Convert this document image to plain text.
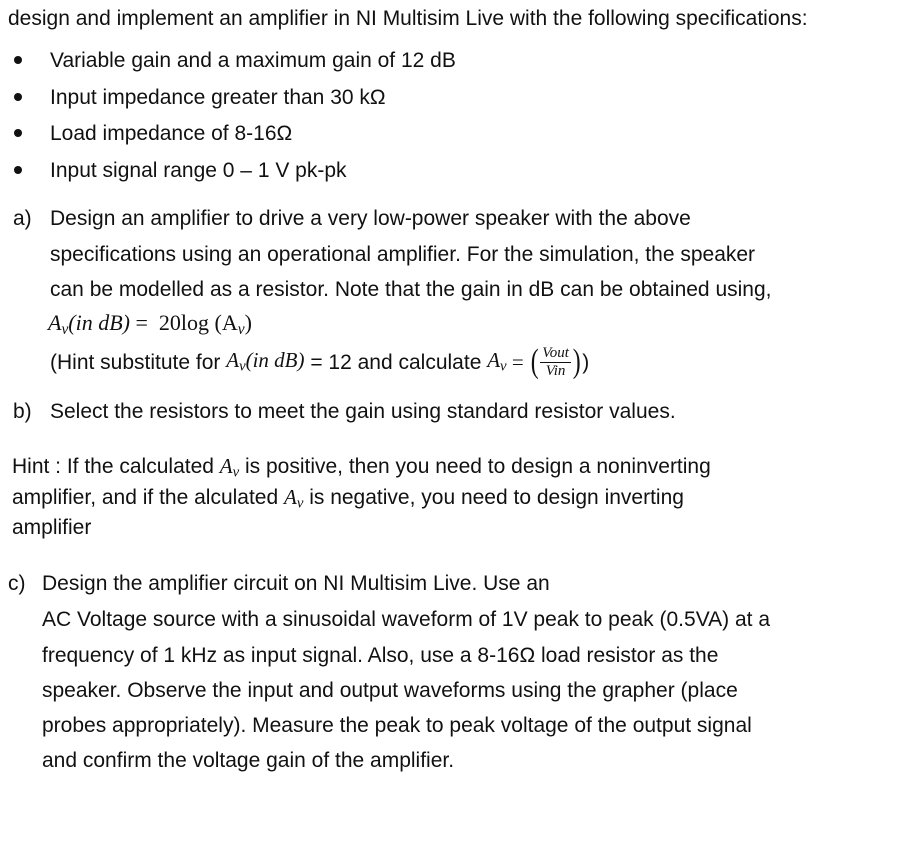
design and implement an amplifier in NI Multisim Live with the following specifications:
Variable gain and a maximum gain of 12 dB
Input impedance greater than 30 kΩ
Load impedance of 8-16Ω
Input signal range 0 – 1 V pk-pk
a) Design an amplifier to drive a very low-power speaker with the above
specifications using an operational amplifier. For the simulation, the speaker
can be modelled as a resistor. Note that the gain in dB can be obtained using,
$A_v(in$ dB) =  20log $(A_v)$
(Hint substitute for $A_v(in$ dB) = 12 and calculate $A_v$ = ( $\frac{\text{Vout}}{\text{Vin}}$ ) )
b) Select the resistors to meet the gain using standard resistor values.
Hint : If the calculated $A_v$ is positive, then you need to design a noninverting
amplifier, and if the alculated $A_v$ is negative, you need to design inverting
amplifier
c) Design the amplifier circuit on NI Multisim Live. Use an
AC Voltage source with a sinusoidal waveform of 1V peak to peak (0.5VA) at a
frequency of 1 kHz as input signal. Also, use a 8-16Ω load resistor as the
speaker. Observe the input and output waveforms using the grapher (place
probes appropriately). Measure the peak to peak voltage of the output signal
and confirm the voltage gain of the amplifier.
